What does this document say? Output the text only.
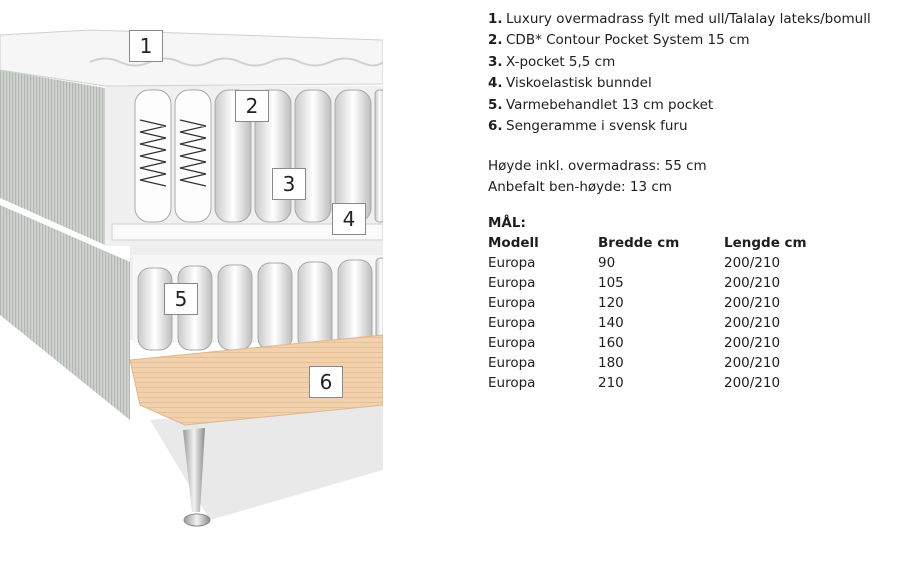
1
2
3
4
5
6
1. Luxury overmadrass fylt med ull/Talalay lateks/bomull
2. CDB* Contour Pocket System 15 cm
3. X-pocket 5,5 cm
4. Viskoelastisk bunndel
5. Varmebehandlet 13 cm pocket
6. Sengeramme i svensk furu
Høyde inkl. overmadrass: 55 cm
Anbefalt ben-høyde: 13 cm
MÅL:
Modell	Bredde cm	Lengde cm
Europa	90	200/210
Europa	105	200/210
Europa	120	200/210
Europa	140	200/210
Europa	160	200/210
Europa	180	200/210
Europa	210	200/210
